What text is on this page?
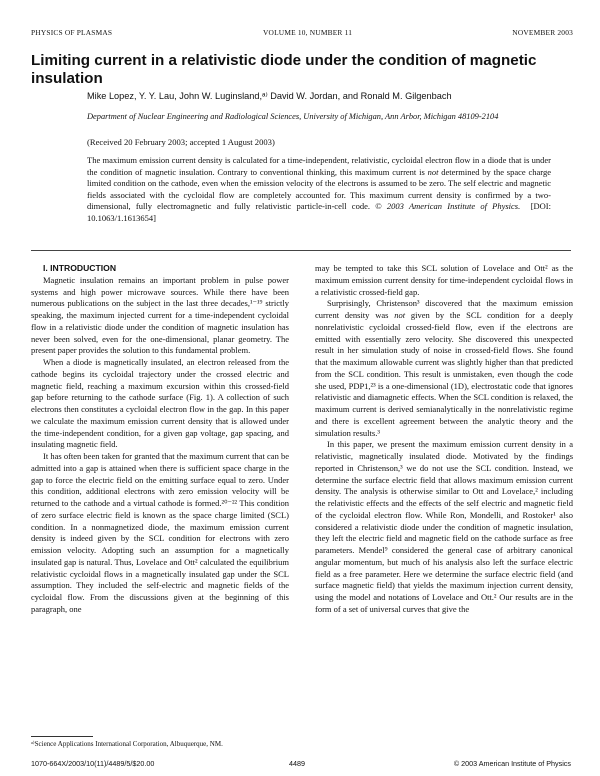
PHYSICS OF PLASMAS	VOLUME 10, NUMBER 11	NOVEMBER 2003
Limiting current in a relativistic diode under the condition of magnetic insulation
Mike Lopez, Y. Y. Lau, John W. Luginsland,ᵃ⁾ David W. Jordan, and Ronald M. Gilgenbach
Department of Nuclear Engineering and Radiological Sciences, University of Michigan, Ann Arbor, Michigan 48109-2104
(Received 20 February 2003; accepted 1 August 2003)

The maximum emission current density is calculated for a time-independent, relativistic, cycloidal electron flow in a diode that is under the condition of magnetic insulation. Contrary to conventional thinking, this maximum current is not determined by the space charge limited condition on the cathode, even when the emission velocity of the electrons is assumed to be zero. The self electric and magnetic fields associated with the cycloidal flow are completely accounted for. This maximum current density is confirmed by a two-dimensional, fully electromagnetic and fully relativistic particle-in-cell code. © 2003 American Institute of Physics. [DOI: 10.1063/1.1613654]

I. INTRODUCTION

Magnetic insulation remains an important problem in pulse power systems and high power microwave sources. While there have been numerous publications on the subject in the last three decades,¹⁻¹⁹ strictly speaking, the maximum injected current for a time-independent cycloidal flow in a relativistic diode under the condition of magnetic insulation has never been solved, even for the one-dimensional, planar geometry. The present paper provides the solution to this fundamental problem.

When a diode is magnetically insulated, an electron released from the cathode begins its cycloidal trajectory under the crossed electric and magnetic field, reaching a maximum excursion within this crossed-field gap before returning to the cathode surface (Fig. 1). A collection of such electrons then constitutes a cycloidal electron flow in the gap. In this paper we calculate the maximum emission current density that is allowed under the time-independent condition, for a given gap voltage, gap spacing, and insulating magnetic field.

It has often been taken for granted that the maximum current that can be admitted into a gap is attained when there is sufficient space charge in the gap to force the electric field on the emitting surface equal to zero. Under this condition, additional electrons with zero emission velocity will be returned to the cathode and a virtual cathode is formed.²⁰⁻²² This condition of zero surface electric field is known as the space charge limited (SCL) condition. In a nonmagnetized diode, the maximum emission current density is indeed given by the SCL condition for electrons with zero emission velocity. Adopting such an assumption for a magnetically insulated gap is natural. Thus, Lovelace and Ott² calculated the equilibrium relativistic cycloidal flows in a magnetically insulated gap under the SCL assumption. They included the self-electric and magnetic fields of the cycloidal flow. From the discussions given at the beginning of this paragraph, one

may be tempted to take this SCL solution of Lovelace and Ott² as the maximum emission current density for time-independent cycloidal flows in a relativistic crossed-field gap.

Surprisingly, Christenson³ discovered that the maximum emission current density was not given by the SCL condition for a deeply nonrelativistic cycloidal crossed-field flow, even if the electrons are emitted with essentially zero velocity. She discovered this unexpected result in her simulation study of noise in crossed-field flows. She found that the maximum allowable current was slightly higher than that predicted from the SCL condition. This result is unmistaken, even though the code she used, PDP1,²³ is a one-dimensional (1D), electrostatic code that ignores relativistic and diamagnetic effects. When the SCL condition is relaxed, the maximum current is derived semianalytically in the nonrelativistic regime and there is excellent agreement between the analytic theory and the simulation results.³

In this paper, we present the maximum emission current density in a relativistic, magnetically insulated diode. Motivated by the findings reported in Christenson,³ we do not use the SCL condition. Instead, we determine the surface electric field that allows maximum emission current density. The analysis is otherwise similar to Ott and Lovelace,² including the relativistic effects and the effects of the self electric and magnetic field of the cycloidal electron flow. While Ron, Mondelli, and Rostoker¹ also considered a relativistic diode under the condition of magnetic insulation, they left the electric field and magnetic field on the cathode surface as free parameters. Mendel⁹ considered the general case of arbitrary canonical angular momentum, but much of his analysis also left the surface electric field as a free parameter. Here we determine the surface electric field (and surface magnetic field) that yields the maximum injection current density, using the model and notations of Lovelace and Ott.² Our results are in the form of a set of universal curves that give the

ᵃ⁾Science Applications International Corporation, Albuquerque, NM.
1070-664X/2003/10(11)/4489/5/$20.00	4489	© 2003 American Institute of Physics
